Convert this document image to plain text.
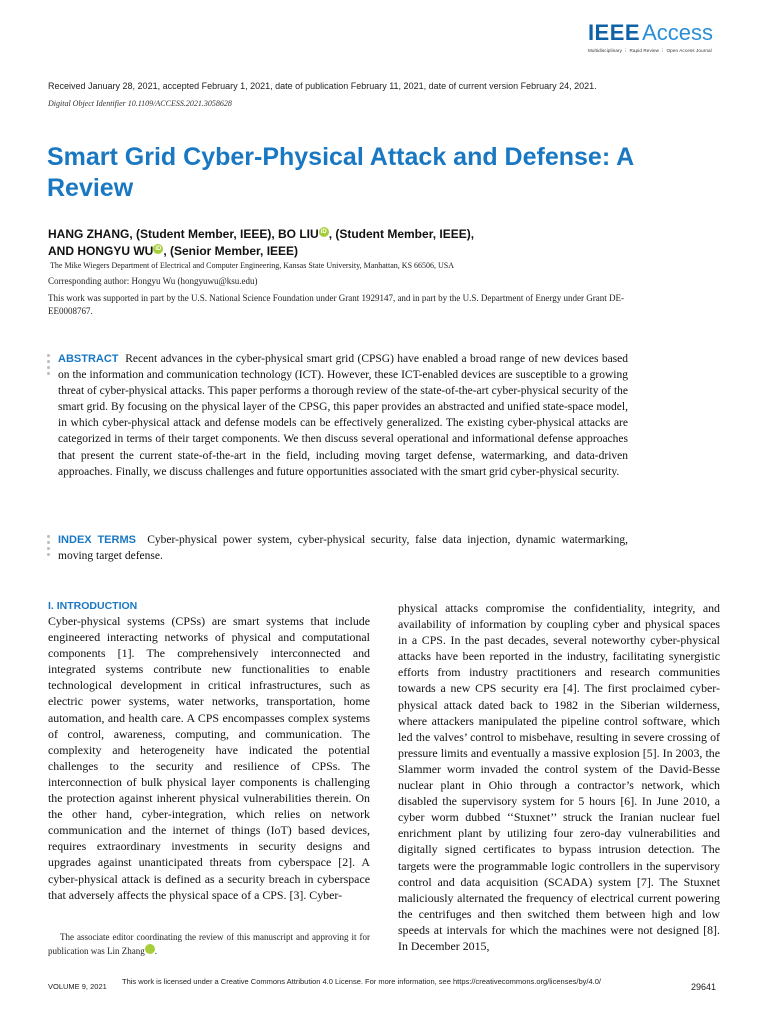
IEEEAccess
Multidisciplinary ⋮ Rapid Review ⋮ Open Access Journal
Received January 28, 2021, accepted February 1, 2021, date of publication February 11, 2021, date of current version February 24, 2021.
Digital Object Identifier 10.1109/ACCESS.2021.3058628
Smart Grid Cyber-Physical Attack and Defense: A Review
HANG ZHANG, (Student Member, IEEE), BO LIU iD , (Student Member, IEEE),
AND HONGYU WU iD , (Senior Member, IEEE)
The Mike Wiegers Department of Electrical and Computer Engineering, Kansas State University, Manhattan, KS 66506, USA
Corresponding author: Hongyu Wu (hongyuwu@ksu.edu)
This work was supported in part by the U.S. National Science Foundation under Grant 1929147, and in part by the U.S. Department of Energy under Grant DE-EE0008767.
ABSTRACT Recent advances in the cyber-physical smart grid (CPSG) have enabled a broad range of new devices based on the information and communication technology (ICT). However, these ICT-enabled devices are susceptible to a growing threat of cyber-physical attacks. This paper performs a thorough review of the state-of-the-art cyber-physical security of the smart grid. By focusing on the physical layer of the CPSG, this paper provides an abstracted and unified state-space model, in which cyber-physical attack and defense models can be effectively generalized. The existing cyber-physical attacks are categorized in terms of their target components. We then discuss several operational and informational defense approaches that present the current state-of-the-art in the field, including moving target defense, watermarking, and data-driven approaches. Finally, we discuss challenges and future opportunities associated with the smart grid cyber-physical security.
INDEX TERMS Cyber-physical power system, cyber-physical security, false data injection, dynamic watermarking, moving target defense.
I. INTRODUCTION

Cyber-physical systems (CPSs) are smart systems that include engineered interacting networks of physical and computational components [1]. The comprehensively interconnected and integrated systems contribute new functionalities to enable technological development in critical infrastructures, such as electric power systems, water networks, transportation, home automation, and health care. A CPS encompasses complex systems of control, awareness, computing, and communication. The complexity and heterogeneity have indicated the potential challenges to the security and resilience of CPSs. The interconnection of bulk physical layer components is challenging the protection against inherent physical vulnerabilities therein. On the other hand, cyber-integration, which relies on network communication and the internet of things (IoT) based devices, requires extraordinary investments in security designs and upgrades against unanticipated threats from cyberspace [2]. A cyber-physical attack is defined as a security breach in cyberspace that adversely affects the physical space of a CPS. [3]. Cyber-

physical attacks compromise the confidentiality, integrity, and availability of information by coupling cyber and physical spaces in a CPS. In the past decades, several noteworthy cyber-physical attacks have been reported in the industry, facilitating synergistic efforts from industry practitioners and research communities towards a new CPS security era [4]. The first proclaimed cyber-physical attack dated back to 1982 in the Siberian wilderness, where attackers manipulated the pipeline control software, which led the valves’ control to misbehave, resulting in severe crossing of pressure limits and eventually a massive explosion [5]. In 2003, the Slammer worm invaded the control system of the David-Besse nuclear plant in Ohio through a contractor’s network, which disabled the supervisory system for 5 hours [6]. In June 2010, a cyber worm dubbed ‘‘Stuxnet’’ struck the Iranian nuclear fuel enrichment plant by utilizing four zero-day vulnerabilities and digitally signed certificates to bypass intrusion detection. The targets were the programmable logic controllers in the supervisory control and data acquisition (SCADA) system [7]. The Stuxnet maliciously alternated the frequency of electrical current powering the centrifuges and then switched them between high and low speeds at intervals for which the machines were not designed [8]. In December 2015,

The associate editor coordinating the review of this manuscript and approving it for publication was Lin Zhang iD.
VOLUME 9, 2021
This work is licensed under a Creative Commons Attribution 4.0 License. For more information, see https://creativecommons.org/licenses/by/4.0/
29641
